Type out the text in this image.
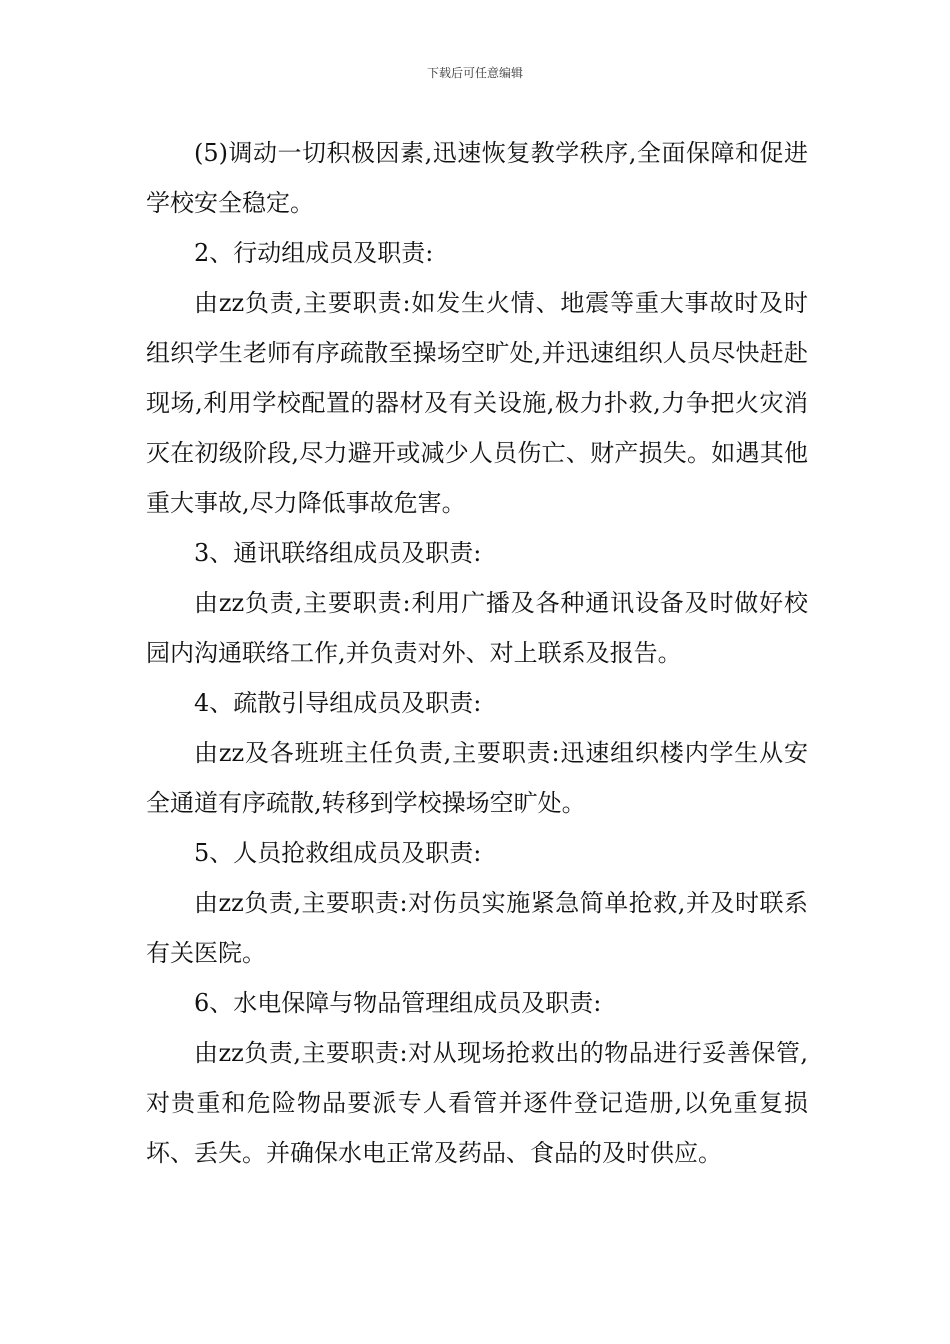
下载后可任意编辑

(5)调动一切积极因素,迅速恢复教学秩序,全面保障和促进学校安全稳定。

2、行动组成员及职责:

由zz负责,主要职责:如发生火情、地震等重大事故时及时组织学生老师有序疏散至操场空旷处,并迅速组织人员尽快赶赴现场,利用学校配置的器材及有关设施,极力扑救,力争把火灾消灭在初级阶段,尽力避开或减少人员伤亡、财产损失。如遇其他重大事故,尽力降低事故危害。

3、通讯联络组成员及职责:

由zz负责,主要职责:利用广播及各种通讯设备及时做好校园内沟通联络工作,并负责对外、对上联系及报告。

4、疏散引导组成员及职责:

由zz及各班班主任负责,主要职责:迅速组织楼内学生从安全通道有序疏散,转移到学校操场空旷处。

5、人员抢救组成员及职责:

由zz负责,主要职责:对伤员实施紧急简单抢救,并及时联系有关医院。

6、水电保障与物品管理组成员及职责:

由zz负责,主要职责:对从现场抢救出的物品进行妥善保管,对贵重和危险物品要派专人看管并逐件登记造册,以免重复损坏、丢失。并确保水电正常及药品、食品的及时供应。
